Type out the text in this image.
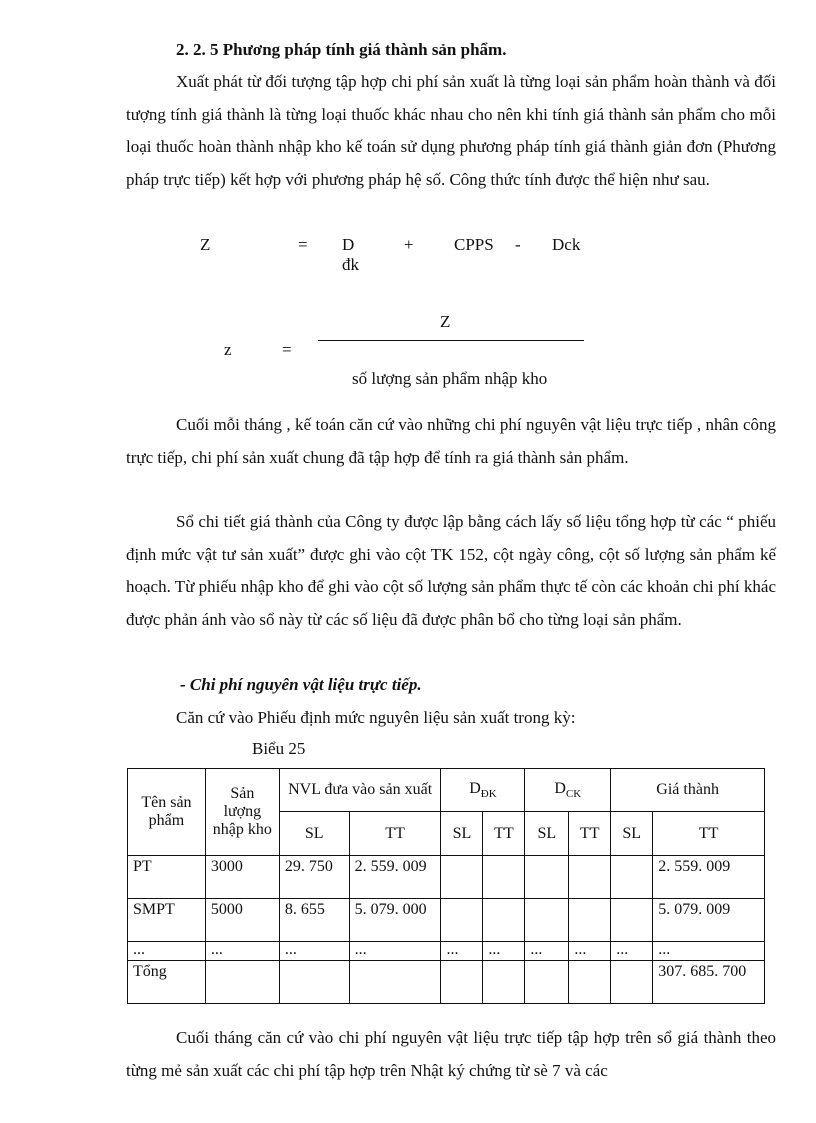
2. 2. 5 Phương pháp tính giá thành sản phẩm.
Xuất phát từ đối tượng tập hợp chi phí sản xuất là từng loại sản phẩm hoàn thành và đối tượng tính giá thành là từng loại thuốc khác nhau cho nên khi tính giá thành sản phẩm cho mỗi loại thuốc hoàn thành nhập kho kế toán sử dụng phương pháp tính giá thành giản đơn (Phương pháp trực tiếp) kết hợp với phương pháp hệ số. Công thức tính được thể hiện như sau.
Z	= D đk
+ CPPS - Dck
z	=
Z
số lượng sản phẩm nhập kho
Cuối mỗi tháng , kế toán căn cứ vào những chi phí nguyên vật liệu trực tiếp , nhân công trực tiếp, chi phí sản xuất chung đã tập hợp để tính ra giá thành sản phẩm.
Sổ chi tiết giá thành của Công ty được lập bằng cách lấy số liệu tổng hợp từ các “ phiếu định mức vật tư sản xuất” được ghi vào cột TK 152, cột ngày công, cột số lượng sản phẩm kế hoạch. Từ phiếu nhập kho để ghi vào cột số lượng sản phẩm thực tế còn các khoản chi phí khác được phản ánh vào sổ này từ các số liệu đã được phân bổ cho từng loại sản phẩm.
- Chi phí nguyên vật liệu trực tiếp.
Căn cứ vào Phiếu định mức nguyên liệu sản xuất trong kỳ:
Biểu 25
Tên sản phẩm	Sản lượng nhập kho	NVL đưa vào sản xuất		$D_{ĐK}$		$D_{CK}$		Giá thành	
		SL	TT	SL	TT	SL	TT	SL	TT
PT	3000	29. 750	2. 559. 009						2. 559. 009
SMPT	5000	8. 655	5. 079. 000						5. 079. 009
...	...	...	...	...	...	...	...	...	...
Tổng									307. 685. 700
Cuối tháng căn cứ vào chi phí nguyên vật liệu trực tiếp tập hợp trên sổ giá thành theo từng mẻ sản xuất các chi phí tập hợp trên Nhật ký chứng từ sè 7 và các
